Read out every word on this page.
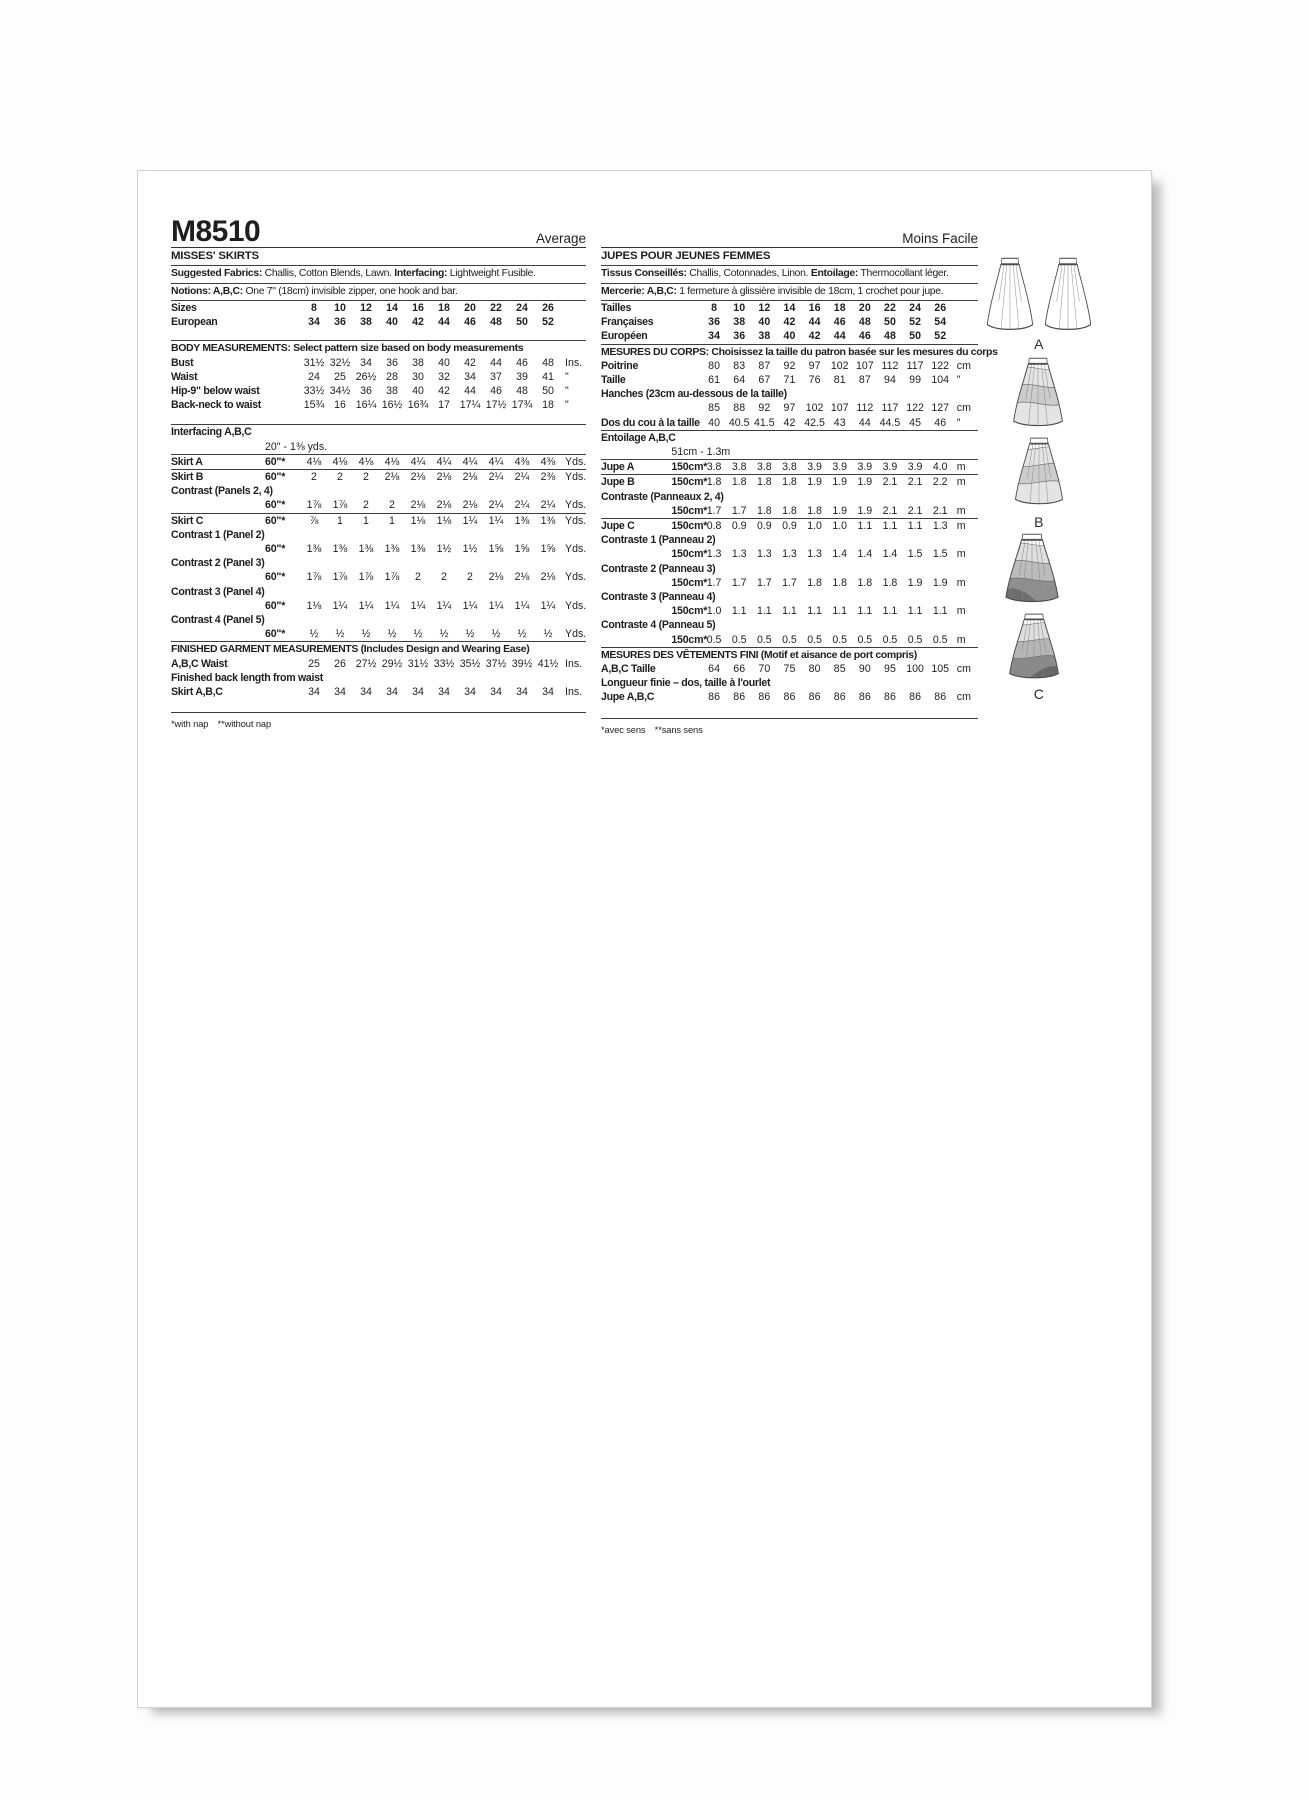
M8510	Average
MISSES' SKIRTS
Suggested Fabrics: Challis, Cotton Blends, Lawn. Interfacing: Lightweight Fusible.
Notions: A,B,C: One 7" (18cm) invisible zipper, one hook and bar.
Sizes		8	10	12	14	16	18	20	22	24	26	
European		34	36	38	40	42	44	46	48	50	52	

BODY MEASUREMENTS: Select pattern size based on body measurements												
Bust		31½	32½	34	36	38	40	42	44	46	48	Ins.
Waist		24	25	26½	28	30	32	34	37	39	41	"
Hip-9" below waist		33½	34½	36	38	40	42	44	46	48	50	"
Back-neck to waist		15¾	16	16¼	16½	16¾	17	17¼	17½	17¾	18	"

Interfacing A,B,C												
	20" - 1⅜ yds.											
Skirt A	60"*	4⅛	4⅛	4⅛	4⅛	4¼	4¼	4¼	4¼	4⅜	4⅜	Yds.
Skirt B	60"*	2	2	2	2⅛	2⅛	2⅛	2⅛	2¼	2¼	2⅜	Yds.
Contrast (Panels 2, 4)												
	60"*	1⅞	1⅞	2	2	2⅛	2⅛	2⅛	2¼	2¼	2¼	Yds.
Skirt C	60"*	⅞	1	1	1	1⅛	1⅛	1¼	1¼	1⅜	1⅜	Yds.
Contrast 1 (Panel 2)												
	60"*	1⅜	1⅜	1⅜	1⅜	1⅜	1½	1½	1⅝	1⅝	1⅝	Yds.
Contrast 2 (Panel 3)												
	60"*	1⅞	1⅞	1⅞	1⅞	2	2	2	2⅛	2⅛	2⅛	Yds.
Contrast 3 (Panel 4)												
	60"*	1⅛	1¼	1¼	1¼	1¼	1¼	1¼	1¼	1¼	1¼	Yds.
Contrast 4 (Panel 5)												
	60"*	½	½	½	½	½	½	½	½	½	½	Yds.
FINISHED GARMENT MEASUREMENTS (Includes Design and Wearing Ease)												
A,B,C Waist		25	26	27½	29½	31½	33½	35½	37½	39½	41½	Ins.
Finished back length from waist												
Skirt A,B,C		34	34	34	34	34	34	34	34	34	34	Ins.

*with nap **without nap												
Moins Facile
JUPES POUR JEUNES FEMMES
Tissus Conseillés: Challis, Cotonnades, Linon. Entoilage: Thermocollant léger.
Mercerie: A,B,C: 1 fermeture à glissière invisible de 18cm, 1 crochet pour jupe.
Tailles		8	10	12	14	16	18	20	22	24	26	
Françaises		36	38	40	42	44	46	48	50	52	54	
Européen		34	36	38	40	42	44	46	48	50	52	
MESURES DU CORPS: Choisissez la taille du patron basée sur les mesures du corps												
Poitrine		80	83	87	92	97	102	107	112	117	122	cm
Taille		61	64	67	71	76	81	87	94	99	104	"
Hanches (23cm au-dessous de la taille)												
		85	88	92	97	102	107	112	117	122	127	cm
Dos du cou à la taille		40	40.5	41.5	42	42.5	43	44	44.5	45	46	"
Entoilage A,B,C												
	51cm - 1.3m											
Jupe A	150cm*	3.8	3.8	3.8	3.8	3.9	3.9	3.9	3.9	3.9	4.0	m
Jupe B	150cm*	1.8	1.8	1.8	1.8	1.9	1.9	1.9	2.1	2.1	2.2	m
Contraste (Panneaux 2, 4)												
	150cm*	1.7	1.7	1.8	1.8	1.8	1.9	1.9	2.1	2.1	2.1	m
Jupe C	150cm*	0.8	0.9	0.9	0.9	1.0	1.0	1.1	1.1	1.1	1.3	m
Contraste 1 (Panneau 2)												
	150cm*	1.3	1.3	1.3	1.3	1.3	1.4	1.4	1.4	1.5	1.5	m
Contraste 2 (Panneau 3)												
	150cm*	1.7	1.7	1.7	1.7	1.8	1.8	1.8	1.8	1.9	1.9	m
Contraste 3 (Panneau 4)												
	150cm*	1.0	1.1	1.1	1.1	1.1	1.1	1.1	1.1	1.1	1.1	m
Contraste 4 (Panneau 5)												
	150cm*	0.5	0.5	0.5	0.5	0.5	0.5	0.5	0.5	0.5	0.5	m
MESURES DES VÊTEMENTS FINI (Motif et aisance de port compris)												
A,B,C Taille		64	66	70	75	80	85	90	95	100	105	cm
Longueur finie – dos, taille à l'ourlet												
Jupe A,B,C		86	86	86	86	86	86	86	86	86	86	cm

*avec sens **sans sens												
A
B
C
